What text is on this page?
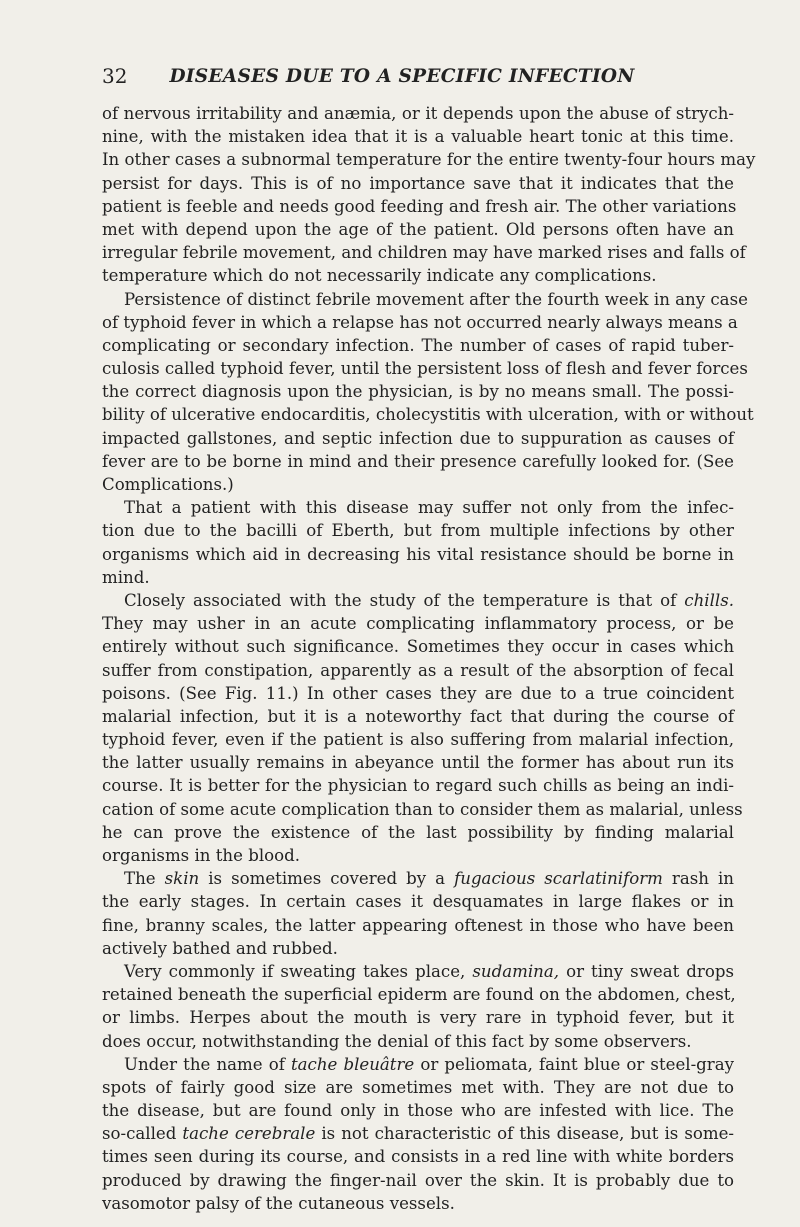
32	DISEASES DUE TO A SPECIFIC INFECTION
of nervous irritability and anæmia, or it depends upon the abuse of strych-
nine, with the mistaken idea that it is a valuable heart tonic at this time.
In other cases a subnormal temperature for the entire twenty-four hours may
persist for days. This is of no importance save that it indicates that the
patient is feeble and needs good feeding and fresh air. The other variations
met with depend upon the age of the patient. Old persons often have an
irregular febrile movement, and children may have marked rises and falls of
temperature which do not necessarily indicate any complications.
Persistence of distinct febrile movement after the fourth week in any case
of typhoid fever in which a relapse has not occurred nearly always means a
complicating or secondary infection. The number of cases of rapid tuber-
culosis called typhoid fever, until the persistent loss of flesh and fever forces
the correct diagnosis upon the physician, is by no means small. The possi-
bility of ulcerative endocarditis, cholecystitis with ulceration, with or without
impacted gallstones, and septic infection due to suppuration as causes of
fever are to be borne in mind and their presence carefully looked for. (See
Complications.)
That a patient with this disease may suffer not only from the infec-
tion due to the bacilli of Eberth, but from multiple infections by other
organisms which aid in decreasing his vital resistance should be borne in
mind.
Closely associated with the study of the temperature is that of chills.
They may usher in an acute complicating inflammatory process, or be
entirely without such significance. Sometimes they occur in cases which
suffer from constipation, apparently as a result of the absorption of fecal
poisons. (See Fig. 11.) In other cases they are due to a true coincident
malarial infection, but it is a noteworthy fact that during the course of
typhoid fever, even if the patient is also suffering from malarial infection,
the latter usually remains in abeyance until the former has about run its
course. It is better for the physician to regard such chills as being an indi-
cation of some acute complication than to consider them as malarial, unless
he can prove the existence of the last possibility by finding malarial
organisms in the blood.
The skin is sometimes covered by a fugacious scarlatiniform rash in
the early stages. In certain cases it desquamates in large flakes or in
fine, branny scales, the latter appearing oftenest in those who have been
actively bathed and rubbed.
Very commonly if sweating takes place, sudamina, or tiny sweat drops
retained beneath the superficial epiderm are found on the abdomen, chest,
or limbs. Herpes about the mouth is very rare in typhoid fever, but it
does occur, notwithstanding the denial of this fact by some observers.
Under the name of tache bleuâtre or peliomata, faint blue or steel-gray
spots of fairly good size are sometimes met with. They are not due to
the disease, but are found only in those who are infested with lice. The
so-called tache cerebrale is not characteristic of this disease, but is some-
times seen during its course, and consists in a red line with white borders
produced by drawing the finger-nail over the skin. It is probably due to
vasomotor palsy of the cutaneous vessels.
